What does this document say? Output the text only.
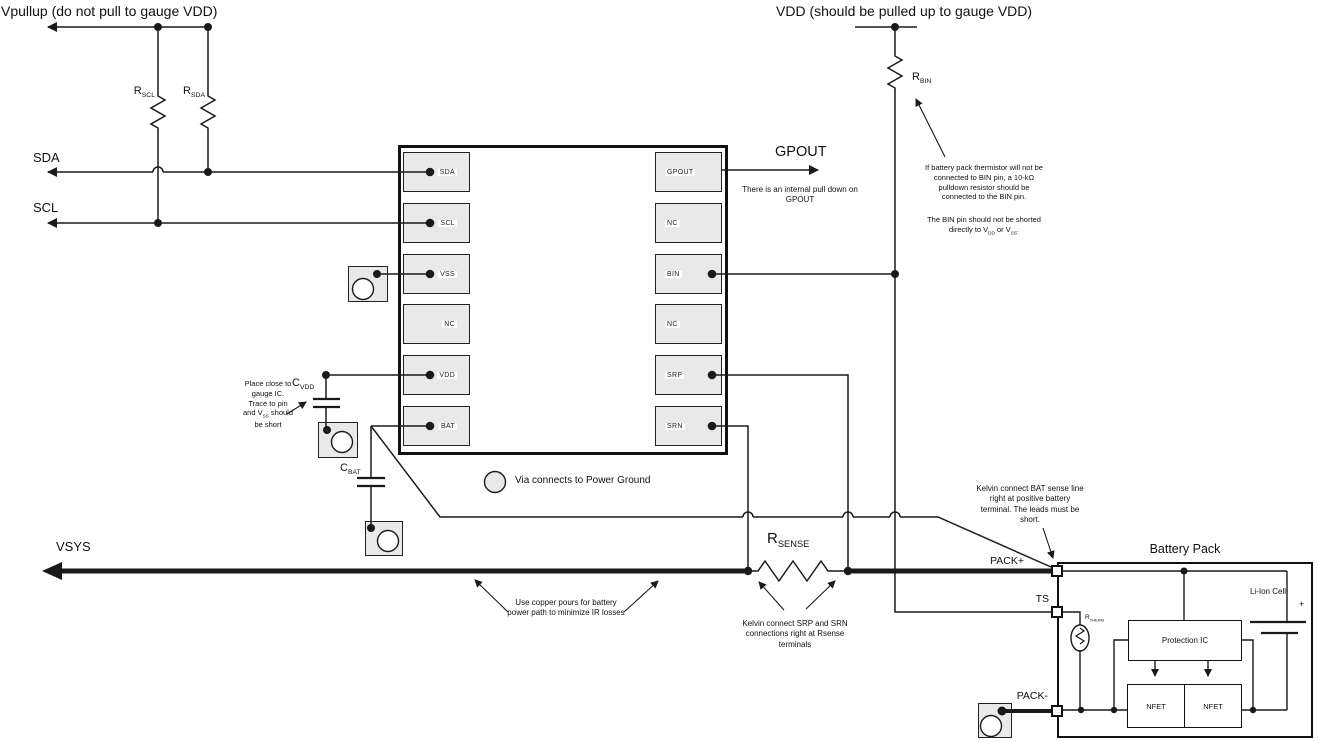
SDA
SCL
VSS
NC
VDD
BAT
GPOUT
NC
BIN
NC
SRP
SRN
Protection IC
NFET	NFET
Vpullup (do not pull to gauge VDD)	VDD (should be pulled up to gauge VDD)
SDA
SCL
GPOUT
VSYS
$R_{SCL}$	$R_{SDA}$
$R_{BIN}$
$C_{VDD}$
$C_{BAT}$
$R_{SENSE}$
$R_{THERM}$
Battery Pack
PACK+
TS
PACK-
Li-Ion Cell
+
There is an internal pull down on GPOUT
If battery pack thermistor will not be connected to BIN pin, a 10-kΩ pulldown resistor should be connected to the BIN pin.
The BIN pin should not be shorted directly to $V_{DD}$ or $V_{SS}$.
Place close to gauge IC. Trace to pin and $V_{SS}$ should be short
Use copper pours for battery power path to minimize IR losses
Kelvin connect SRP and SRN connections right at Rsense terminals
Kelvin connect BAT sense line right at positive battery terminal. The leads must be short.
Via connects to Power Ground
